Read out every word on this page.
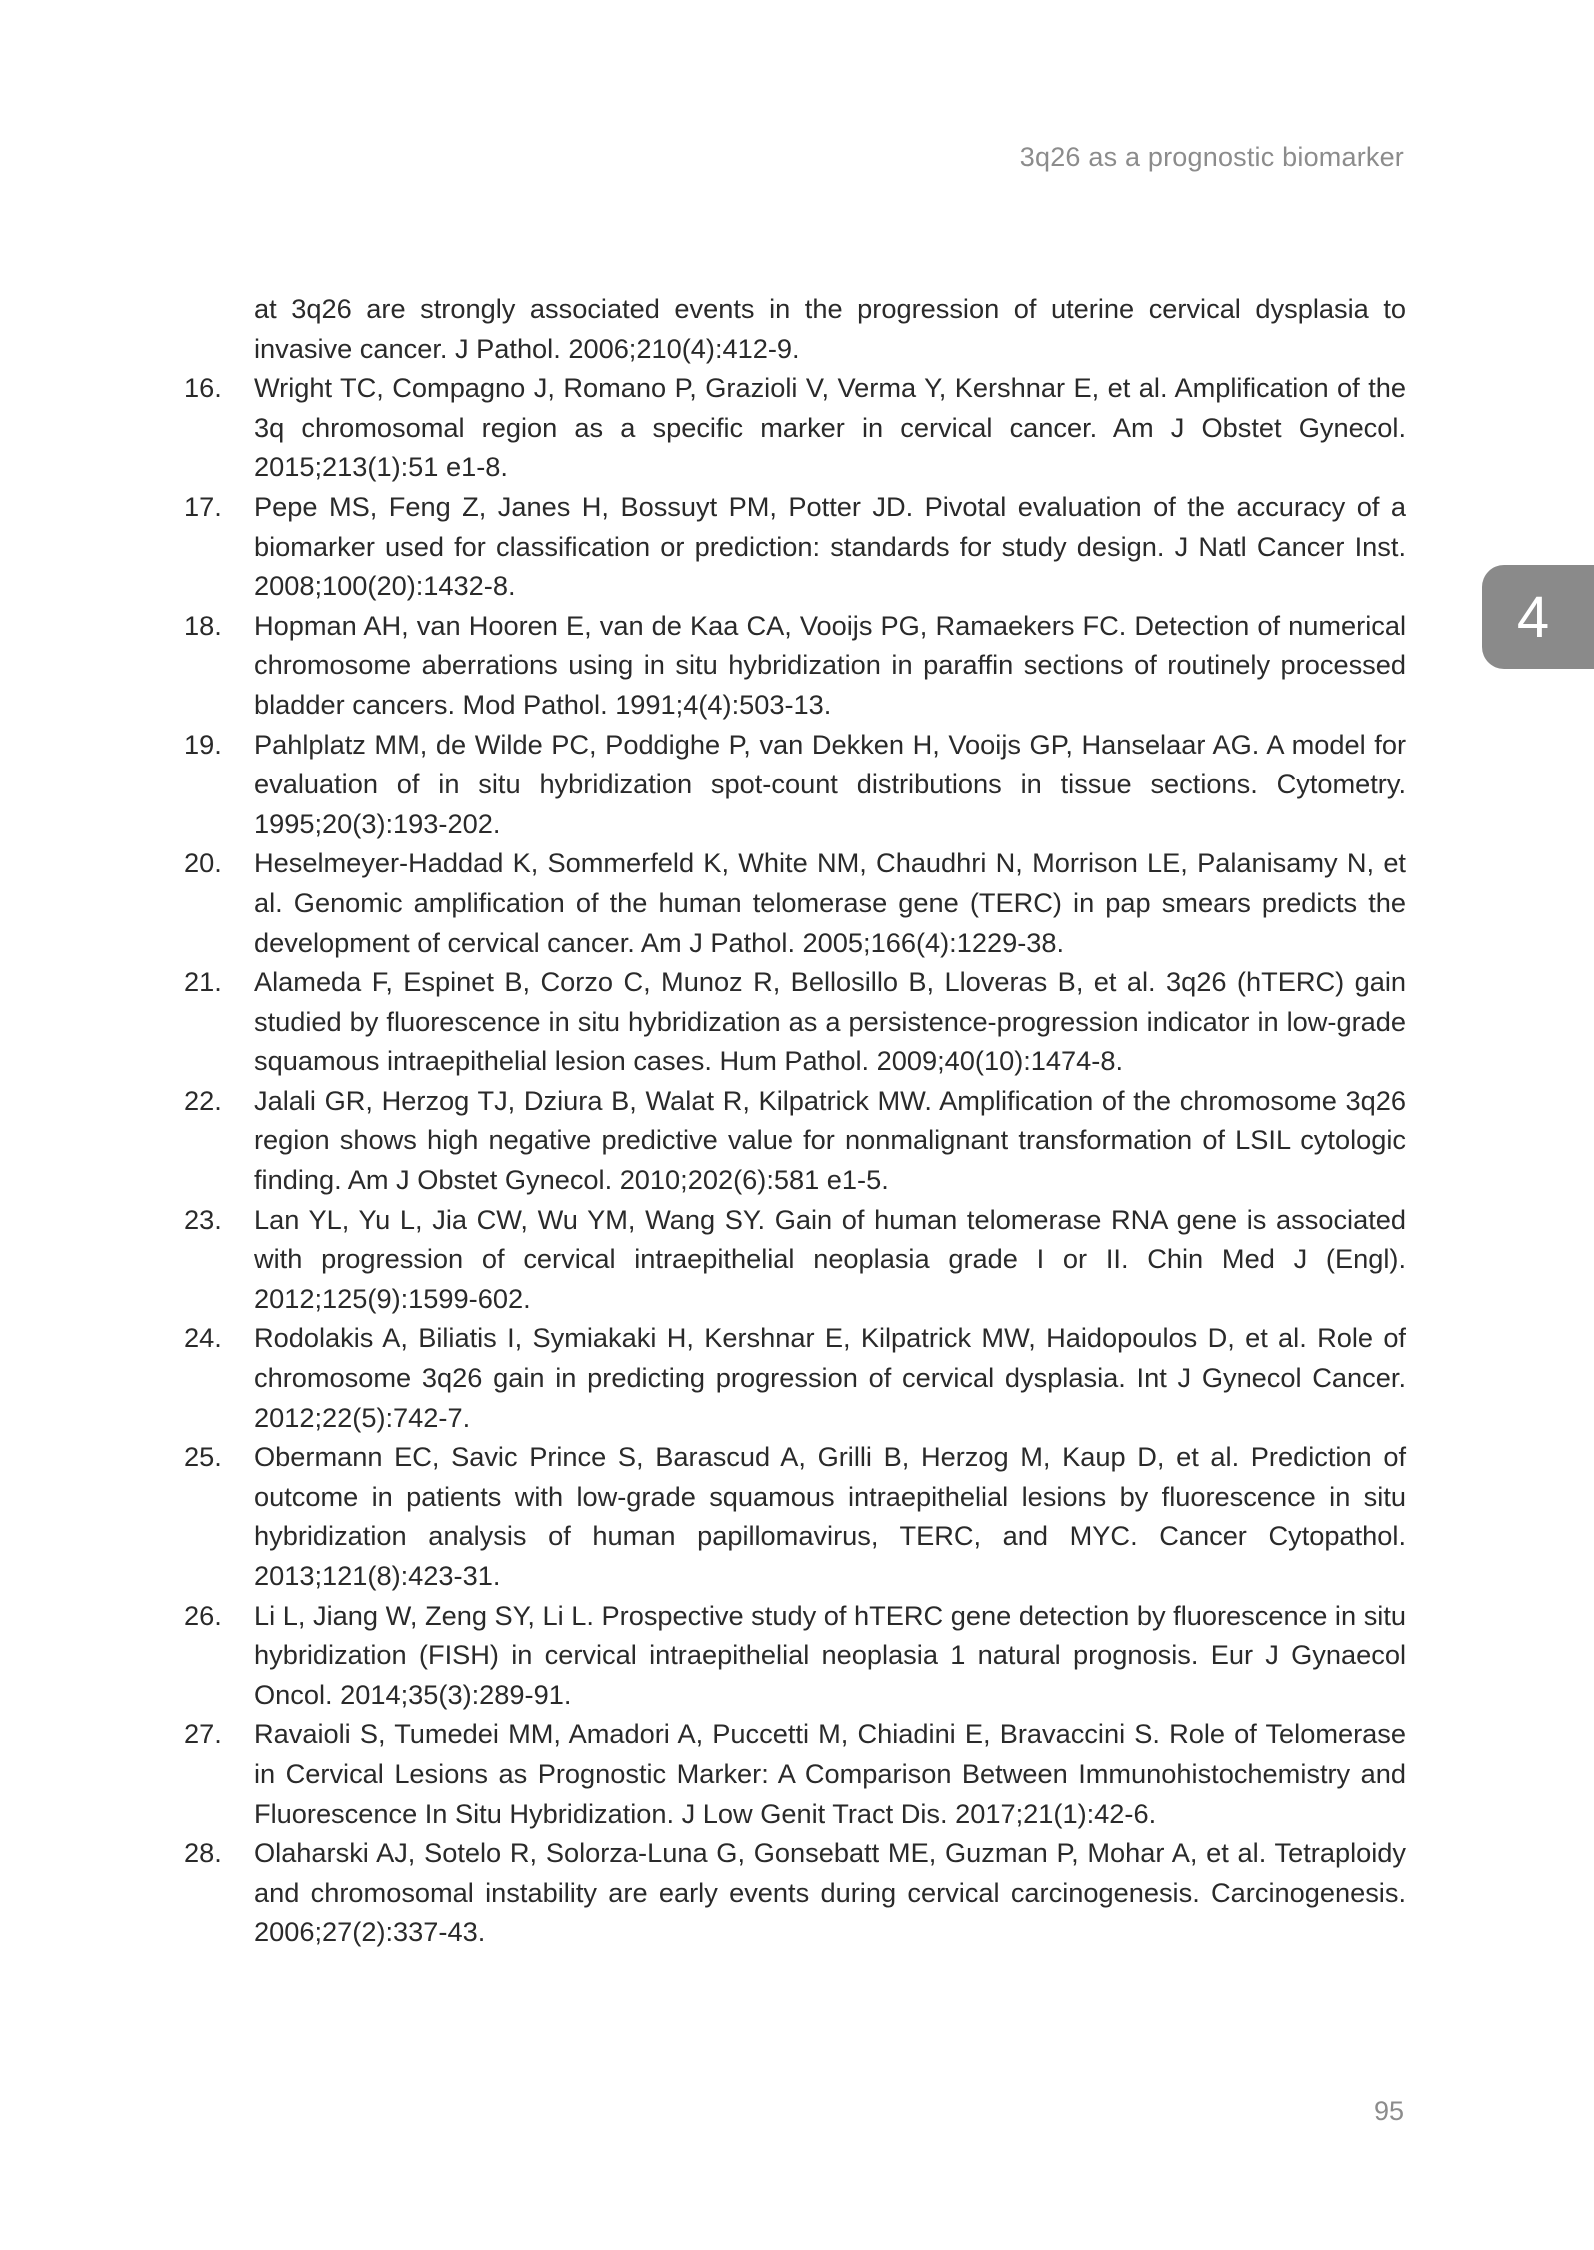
3q26 as a prognostic biomarker
4
at 3q26 are strongly associated events in the progression of uterine cervical dysplasia to invasive cancer. J Pathol. 2006;210(4):412-9.
16.	Wright TC, Compagno J, Romano P, Grazioli V, Verma Y, Kershnar E, et al. Amplification of the 3q chromosomal region as a specific marker in cervical cancer. Am J Obstet Gynecol. 2015;213(1):51 e1-8.
17.	Pepe MS, Feng Z, Janes H, Bossuyt PM, Potter JD. Pivotal evaluation of the accuracy of a biomarker used for classification or prediction: standards for study design. J Natl Cancer Inst. 2008;100(20):1432-8.
18.	Hopman AH, van Hooren E, van de Kaa CA, Vooijs PG, Ramaekers FC. Detection of numerical chromosome aberrations using in situ hybridization in paraffin sections of routinely processed bladder cancers. Mod Pathol. 1991;4(4):503-13.
19.	Pahlplatz MM, de Wilde PC, Poddighe P, van Dekken H, Vooijs GP, Hanselaar AG. A model for evaluation of in situ hybridization spot-count distributions in tissue sections. Cytometry. 1995;20(3):193-202.
20.	Heselmeyer-Haddad K, Sommerfeld K, White NM, Chaudhri N, Morrison LE, Palanisamy N, et al. Genomic amplification of the human telomerase gene (TERC) in pap smears predicts the development of cervical cancer. Am J Pathol. 2005;166(4):1229-38.
21.	Alameda F, Espinet B, Corzo C, Munoz R, Bellosillo B, Lloveras B, et al. 3q26 (hTERC) gain studied by fluorescence in situ hybridization as a persistence-progression indicator in low-grade squamous intraepithelial lesion cases. Hum Pathol. 2009;40(10):1474-8.
22.	Jalali GR, Herzog TJ, Dziura B, Walat R, Kilpatrick MW. Amplification of the chromosome 3q26 region shows high negative predictive value for nonmalignant transformation of LSIL cytologic finding. Am J Obstet Gynecol. 2010;202(6):581 e1-5.
23.	Lan YL, Yu L, Jia CW, Wu YM, Wang SY. Gain of human telomerase RNA gene is associated with progression of cervical intraepithelial neoplasia grade I or II. Chin Med J (Engl). 2012;125(9):1599-602.
24.	Rodolakis A, Biliatis I, Symiakaki H, Kershnar E, Kilpatrick MW, Haidopoulos D, et al. Role of chromosome 3q26 gain in predicting progression of cervical dysplasia. Int J Gynecol Cancer. 2012;22(5):742-7.
25.	Obermann EC, Savic Prince S, Barascud A, Grilli B, Herzog M, Kaup D, et al. Prediction of outcome in patients with low-grade squamous intraepithelial lesions by fluorescence in situ hybridization analysis of human papillomavirus, TERC, and MYC. Cancer Cytopathol. 2013;121(8):423-31.
26.	Li L, Jiang W, Zeng SY, Li L. Prospective study of hTERC gene detection by fluorescence in situ hybridization (FISH) in cervical intraepithelial neoplasia 1 natural prognosis. Eur J Gynaecol Oncol. 2014;35(3):289-91.
27.	Ravaioli S, Tumedei MM, Amadori A, Puccetti M, Chiadini E, Bravaccini S. Role of Telomerase in Cervical Lesions as Prognostic Marker: A Comparison Between Immunohistochemistry and Fluorescence In Situ Hybridization. J Low Genit Tract Dis. 2017;21(1):42-6.
28.	Olaharski AJ, Sotelo R, Solorza-Luna G, Gonsebatt ME, Guzman P, Mohar A, et al. Tetraploidy and chromosomal instability are early events during cervical carcinogenesis. Carcinogenesis. 2006;27(2):337-43.
95
